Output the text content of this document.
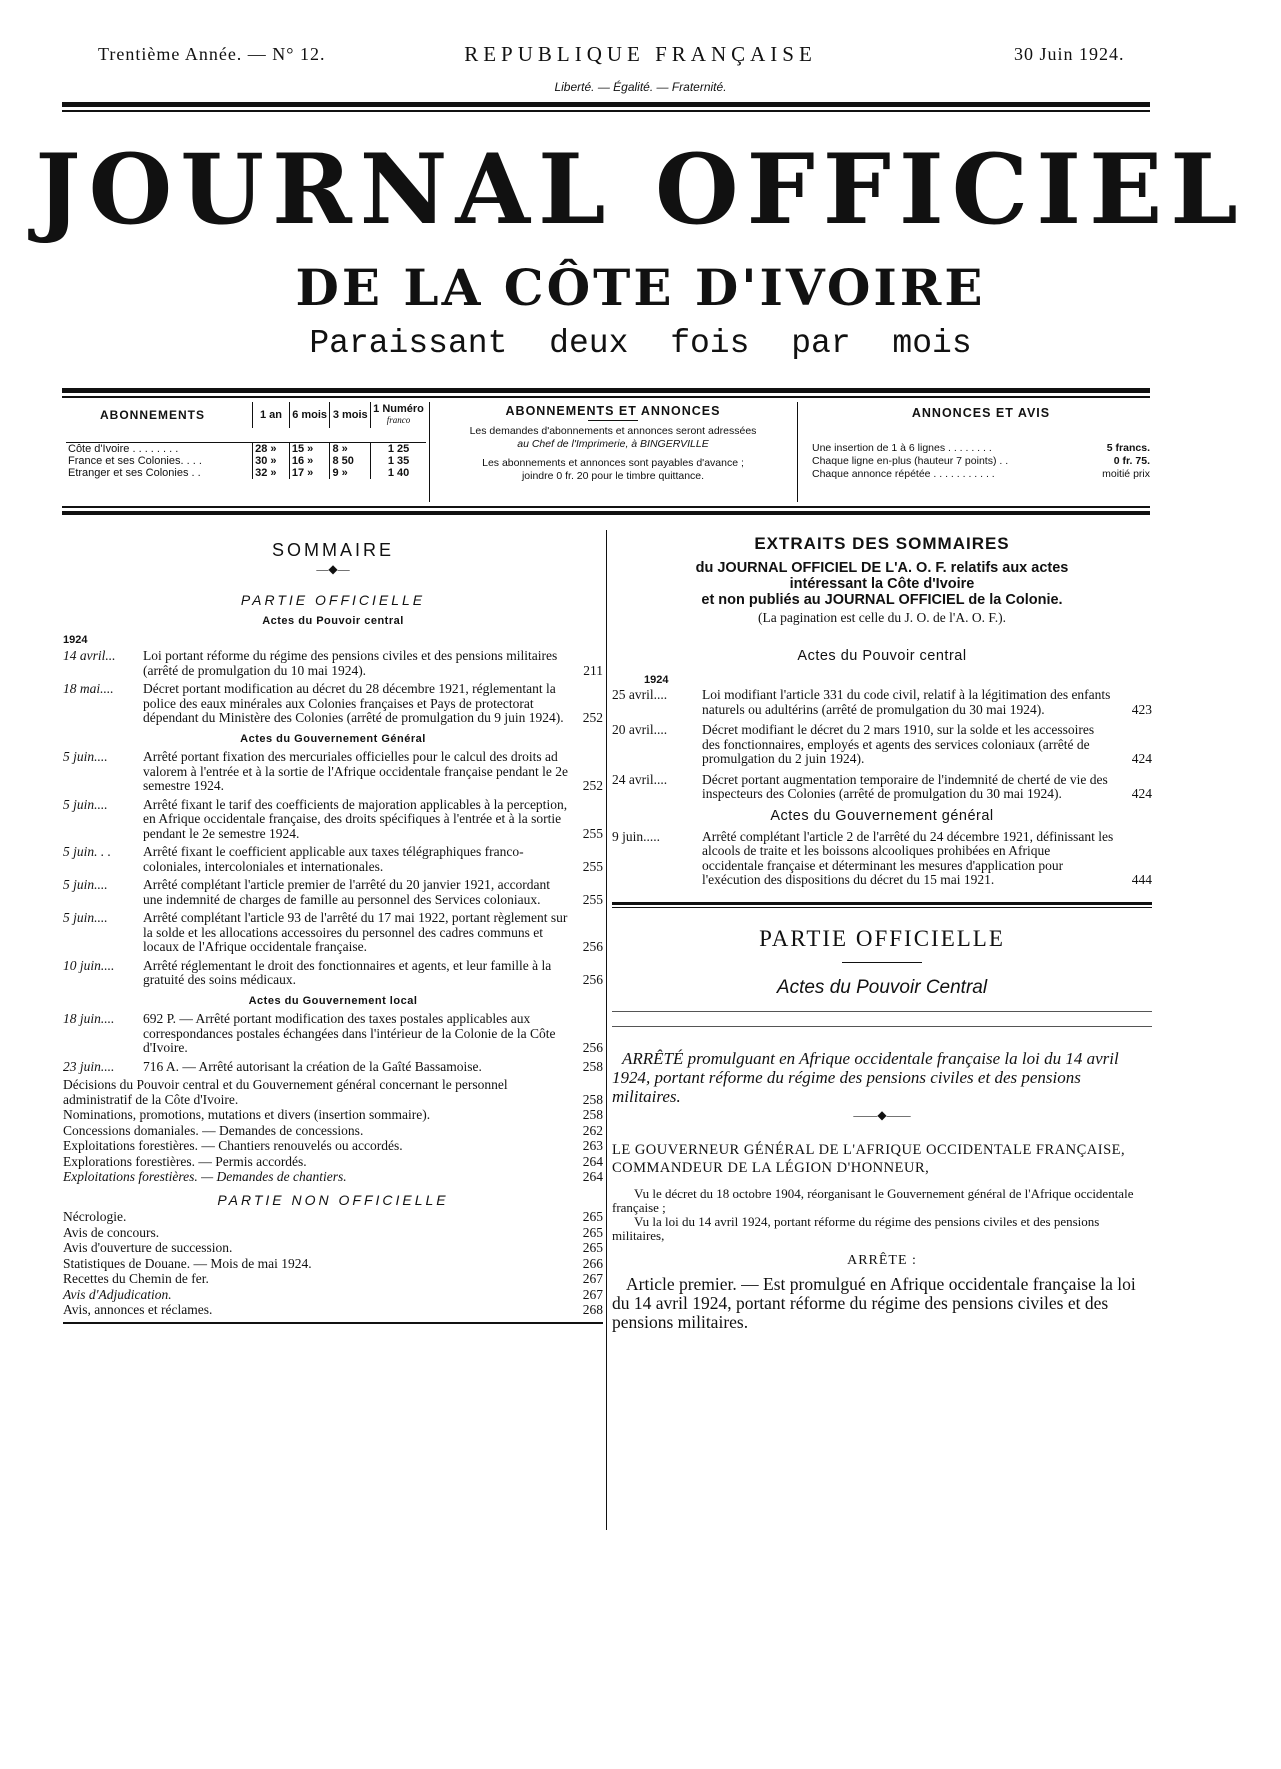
Trentième Année. — N° 12.	REPUBLIQUE FRANÇAISE
Liberté. — Égalité. — Fraternité.
30 Juin 1924.
JOURNAL OFFICIEL
DE LA CÔTE D'IVOIRE
Paraissant deux fois par mois
ABONNEMENTS	1 an	6 mois	3 mois	1 Numéro
franco

Côte d'Ivoire . . . . . . . .	28 »	15 »	8 »	1 25
France et ses Colonies. . . .	30 »	16 »	8 50	1 35
Etranger et ses Colonies . .	32 »	17 »	9 »	1 40
ABONNEMENTS ET ANNONCES
Les demandes d'abonnements et annonces seront adressées
au Chef de l'Imprimerie, à BINGERVILLE
Les abonnements et annonces sont payables d'avance ;
joindre 0 fr. 20 pour le timbre quittance.
ANNONCES ET AVIS
Une insertion de 1 à 6 lignes . . . . . . . .	5 francs.
Chaque ligne en-plus (hauteur 7 points) . .	0 fr. 75.
Chaque annonce répétée . . . . . . . . . . .	moitié prix
SOMMAIRE
—◆—
PARTIE OFFICIELLE
Actes du Pouvoir central
1924
14 avril...	Loi portant réforme du régime des pensions civiles et des pensions militaires (arrêté de promulgation du 10 mai 1924).	211
18 mai....	Décret portant modification au décret du 28 décembre 1921, réglementant la police des eaux minérales aux Colonies françaises et Pays de protectorat dépendant du Ministère des Colonies (arrêté de promulgation du 9 juin 1924).	252
Actes du Gouvernement Général
5 juin....	Arrêté portant fixation des mercuriales officielles pour le calcul des droits ad valorem à l'entrée et à la sortie de l'Afrique occidentale française pendant le 2e semestre 1924.	252
5 juin....	Arrêté fixant le tarif des coefficients de majoration applicables à la perception, en Afrique occidentale française, des droits spécifiques à l'entrée et à la sortie pendant le 2e semestre 1924.	255
5 juin. . .	Arrêté fixant le coefficient applicable aux taxes télégraphiques franco-coloniales, intercoloniales et internationales.	255
5 juin....	Arrêté complétant l'article premier de l'arrêté du 20 janvier 1921, accordant une indemnité de charges de famille au personnel des Services coloniaux.	255
5 juin....	Arrêté complétant l'article 93 de l'arrêté du 17 mai 1922, portant règlement sur la solde et les allocations accessoires du personnel des cadres communs et locaux de l'Afrique occidentale française.	256
10 juin....	Arrêté réglementant le droit des fonctionnaires et agents, et leur famille à la gratuité des soins médicaux.	256
Actes du Gouvernement local
18 juin....	692 P. — Arrêté portant modification des taxes postales applicables aux correspondances postales échangées dans l'intérieur de la Colonie de la Côte d'Ivoire.	256
23 juin....	716 A. — Arrêté autorisant la création de la Gaîté Bassamoise.	258
Décisions du Pouvoir central et du Gouvernement général concernant le personnel administratif de la Côte d'Ivoire.	258
Nominations, promotions, mutations et divers (insertion sommaire).	258
Concessions domaniales. — Demandes de concessions.	262
Exploitations forestières. — Chantiers renouvelés ou accordés.	263
Explorations forestières. — Permis accordés.	264
Exploitations forestières. — Demandes de chantiers.	264
PARTIE NON OFFICIELLE
Nécrologie.	265
Avis de concours.	265
Avis d'ouverture de succession.	265
Statistiques de Douane. — Mois de mai 1924.	266
Recettes du Chemin de fer.	267
Avis d'Adjudication.	267
Avis, annonces et réclames.	268
EXTRAITS DES SOMMAIRES
du JOURNAL OFFICIEL DE L'A. O. F. relatifs aux actes
intéressant la Côte d'Ivoire
et non publiés au JOURNAL OFFICIEL de la Colonie.
(La pagination est celle du J. O. de l'A. O. F.).
Actes du Pouvoir central
1924
25 avril....	Loi modifiant l'article 331 du code civil, relatif à la légitimation des enfants naturels ou adultérins (arrêté de promulgation du 30 mai 1924).	423
20 avril....	Décret modifiant le décret du 2 mars 1910, sur la solde et les accessoires des fonctionnaires, employés et agents des services coloniaux (arrêté de promulgation du 2 juin 1924).	424
24 avril....	Décret portant augmentation temporaire de l'indemnité de cherté de vie des inspecteurs des Colonies (arrêté de promulgation du 30 mai 1924).	424
Actes du Gouvernement général
9 juin.....	Arrêté complétant l'article 2 de l'arrêté du 24 décembre 1921, définissant les alcools de traite et les boissons alcooliques prohibées en Afrique occidentale française et déterminant les mesures d'application pour l'exécution des dispositions du décret du 15 mai 1921.	444
PARTIE OFFICIELLE
Actes du Pouvoir Central
ARRÊTÉ promulguant en Afrique occidentale française la loi du 14 avril 1924, portant réforme du régime des pensions civiles et des pensions militaires.
——◆——
LE GOUVERNEUR GÉNÉRAL DE L'AFRIQUE OCCIDENTALE FRANÇAISE, COMMANDEUR DE LA LÉGION D'HONNEUR,
Vu le décret du 18 octobre 1904, réorganisant le Gouvernement général de l'Afrique occidentale française ;
Vu la loi du 14 avril 1924, portant réforme du régime des pensions civiles et des pensions militaires,
ARRÊTE :
Article premier. — Est promulgué en Afrique occidentale française la loi du 14 avril 1924, portant réforme du régime des pensions civiles et des pensions militaires.
